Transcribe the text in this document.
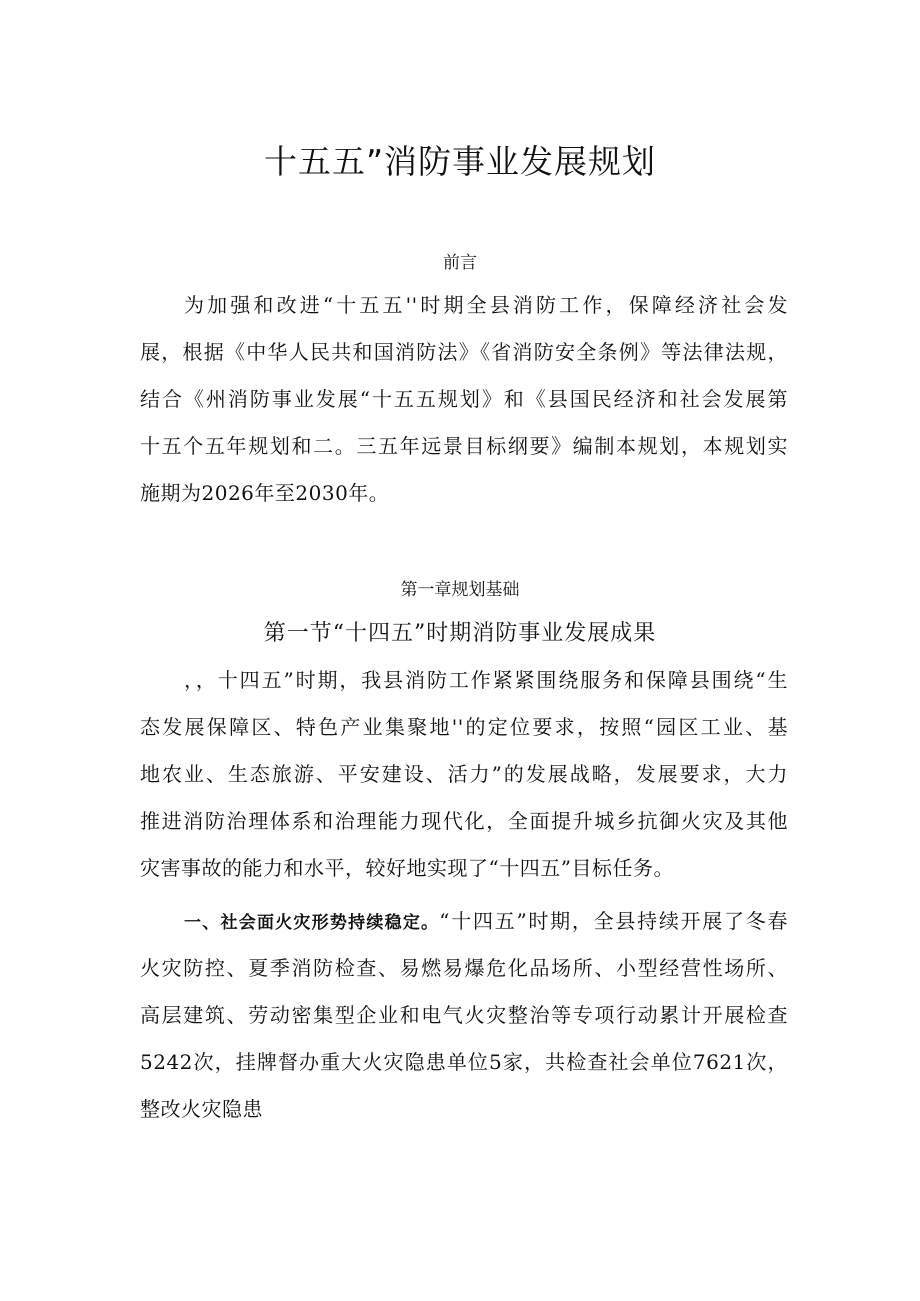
十五五”消防事业发展规划
前言
为加强和改进“十五五''时期全县消防工作，保障经济社会发
展，根据《中华人民共和国消防法》《省消防安全条例》等法律法规，
结合《州消防事业发展“十五五规划》和《县国民经济和社会发展第
十五个五年规划和二。三五年远景目标纲要》编制本规划，本规划实
施期为2026年至2030年。
第一章规划基础
第一节“十四五”时期消防事业发展成果
，，十四五”时期，我县消防工作紧紧围绕服务和保障县围绕“生
态发展保障区、特色产业集聚地''的定位要求，按照“园区工业、基
地农业、生态旅游、平安建设、活力”的发展战略，发展要求，大力
推进消防治理体系和治理能力现代化，全面提升城乡抗御火灾及其他
灾害事故的能力和水平，较好地实现了“十四五”目标任务。
一、社会面火灾形势持续稳定。“十四五”时期，全县持续开展了冬春
火灾防控、夏季消防检查、易燃易爆危化品场所、小型经营性场所、
高层建筑、劳动密集型企业和电气火灾整治等专项行动累计开展检查
5242次，挂牌督办重大火灾隐患单位5家，共检查社会单位7621次，
整改火灾隐患
